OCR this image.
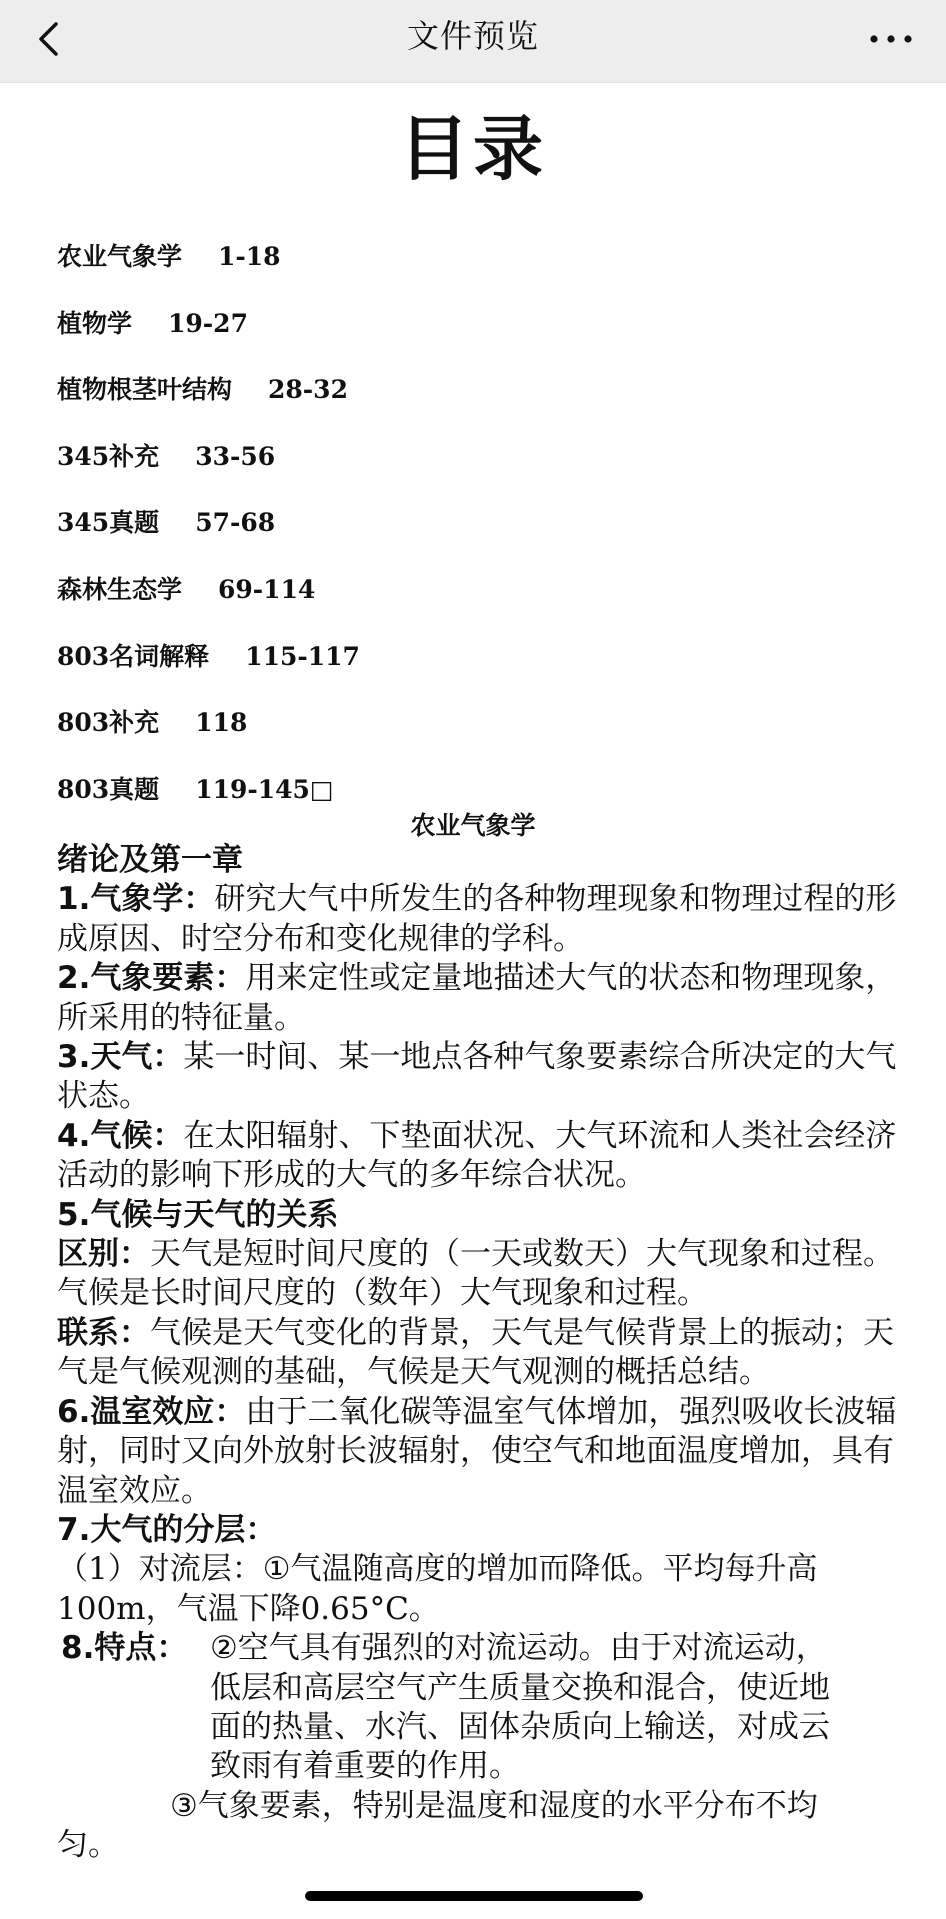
文件预览
目录
农业气象学 1-18
植物学 19-27
植物根茎叶结构 28-32
345补充 33-56
345真题 57-68
森林生态学 69-114
803名词解释 115-117
803补充 118
803真题 119-145□
农业气象学

绪论及第一章

1.气象学：研究大气中所发生的各种物理现象和物理过程的形成原因、时空分布和变化规律的学科。

2.气象要素：用来定性或定量地描述大气的状态和物理现象，所采用的特征量。

3.天气：某一时间、某一地点各种气象要素综合所决定的大气状态。

4.气候：在太阳辐射、下垫面状况、大气环流和人类社会经济活动的影响下形成的大气的多年综合状况。

5.气候与天气的关系

区别：天气是短时间尺度的（一天或数天）大气现象和过程。气候是长时间尺度的（数年）大气现象和过程。

联系：气候是天气变化的背景，天气是气候背景上的振动；天气是气候观测的基础，气候是天气观测的概括总结。

6.温室效应：由于二氧化碳等温室气体增加，强烈吸收长波辐射，同时又向外放射长波辐射，使空气和地面温度增加，具有温室效应。

7.大气的分层：

（1）对流层：①气温随高度的增加而降低。平均每升高

100m，气温下降0.65°C。

8.特点： ②空气具有强烈的对流运动。由于对流运动，

低层和高层空气产生质量交换和混合，使近地

面的热量、水汽、固体杂质向上输送，对成云

致雨有着重要的作用。

③气象要素，特别是温度和湿度的水平分布不均

匀。
